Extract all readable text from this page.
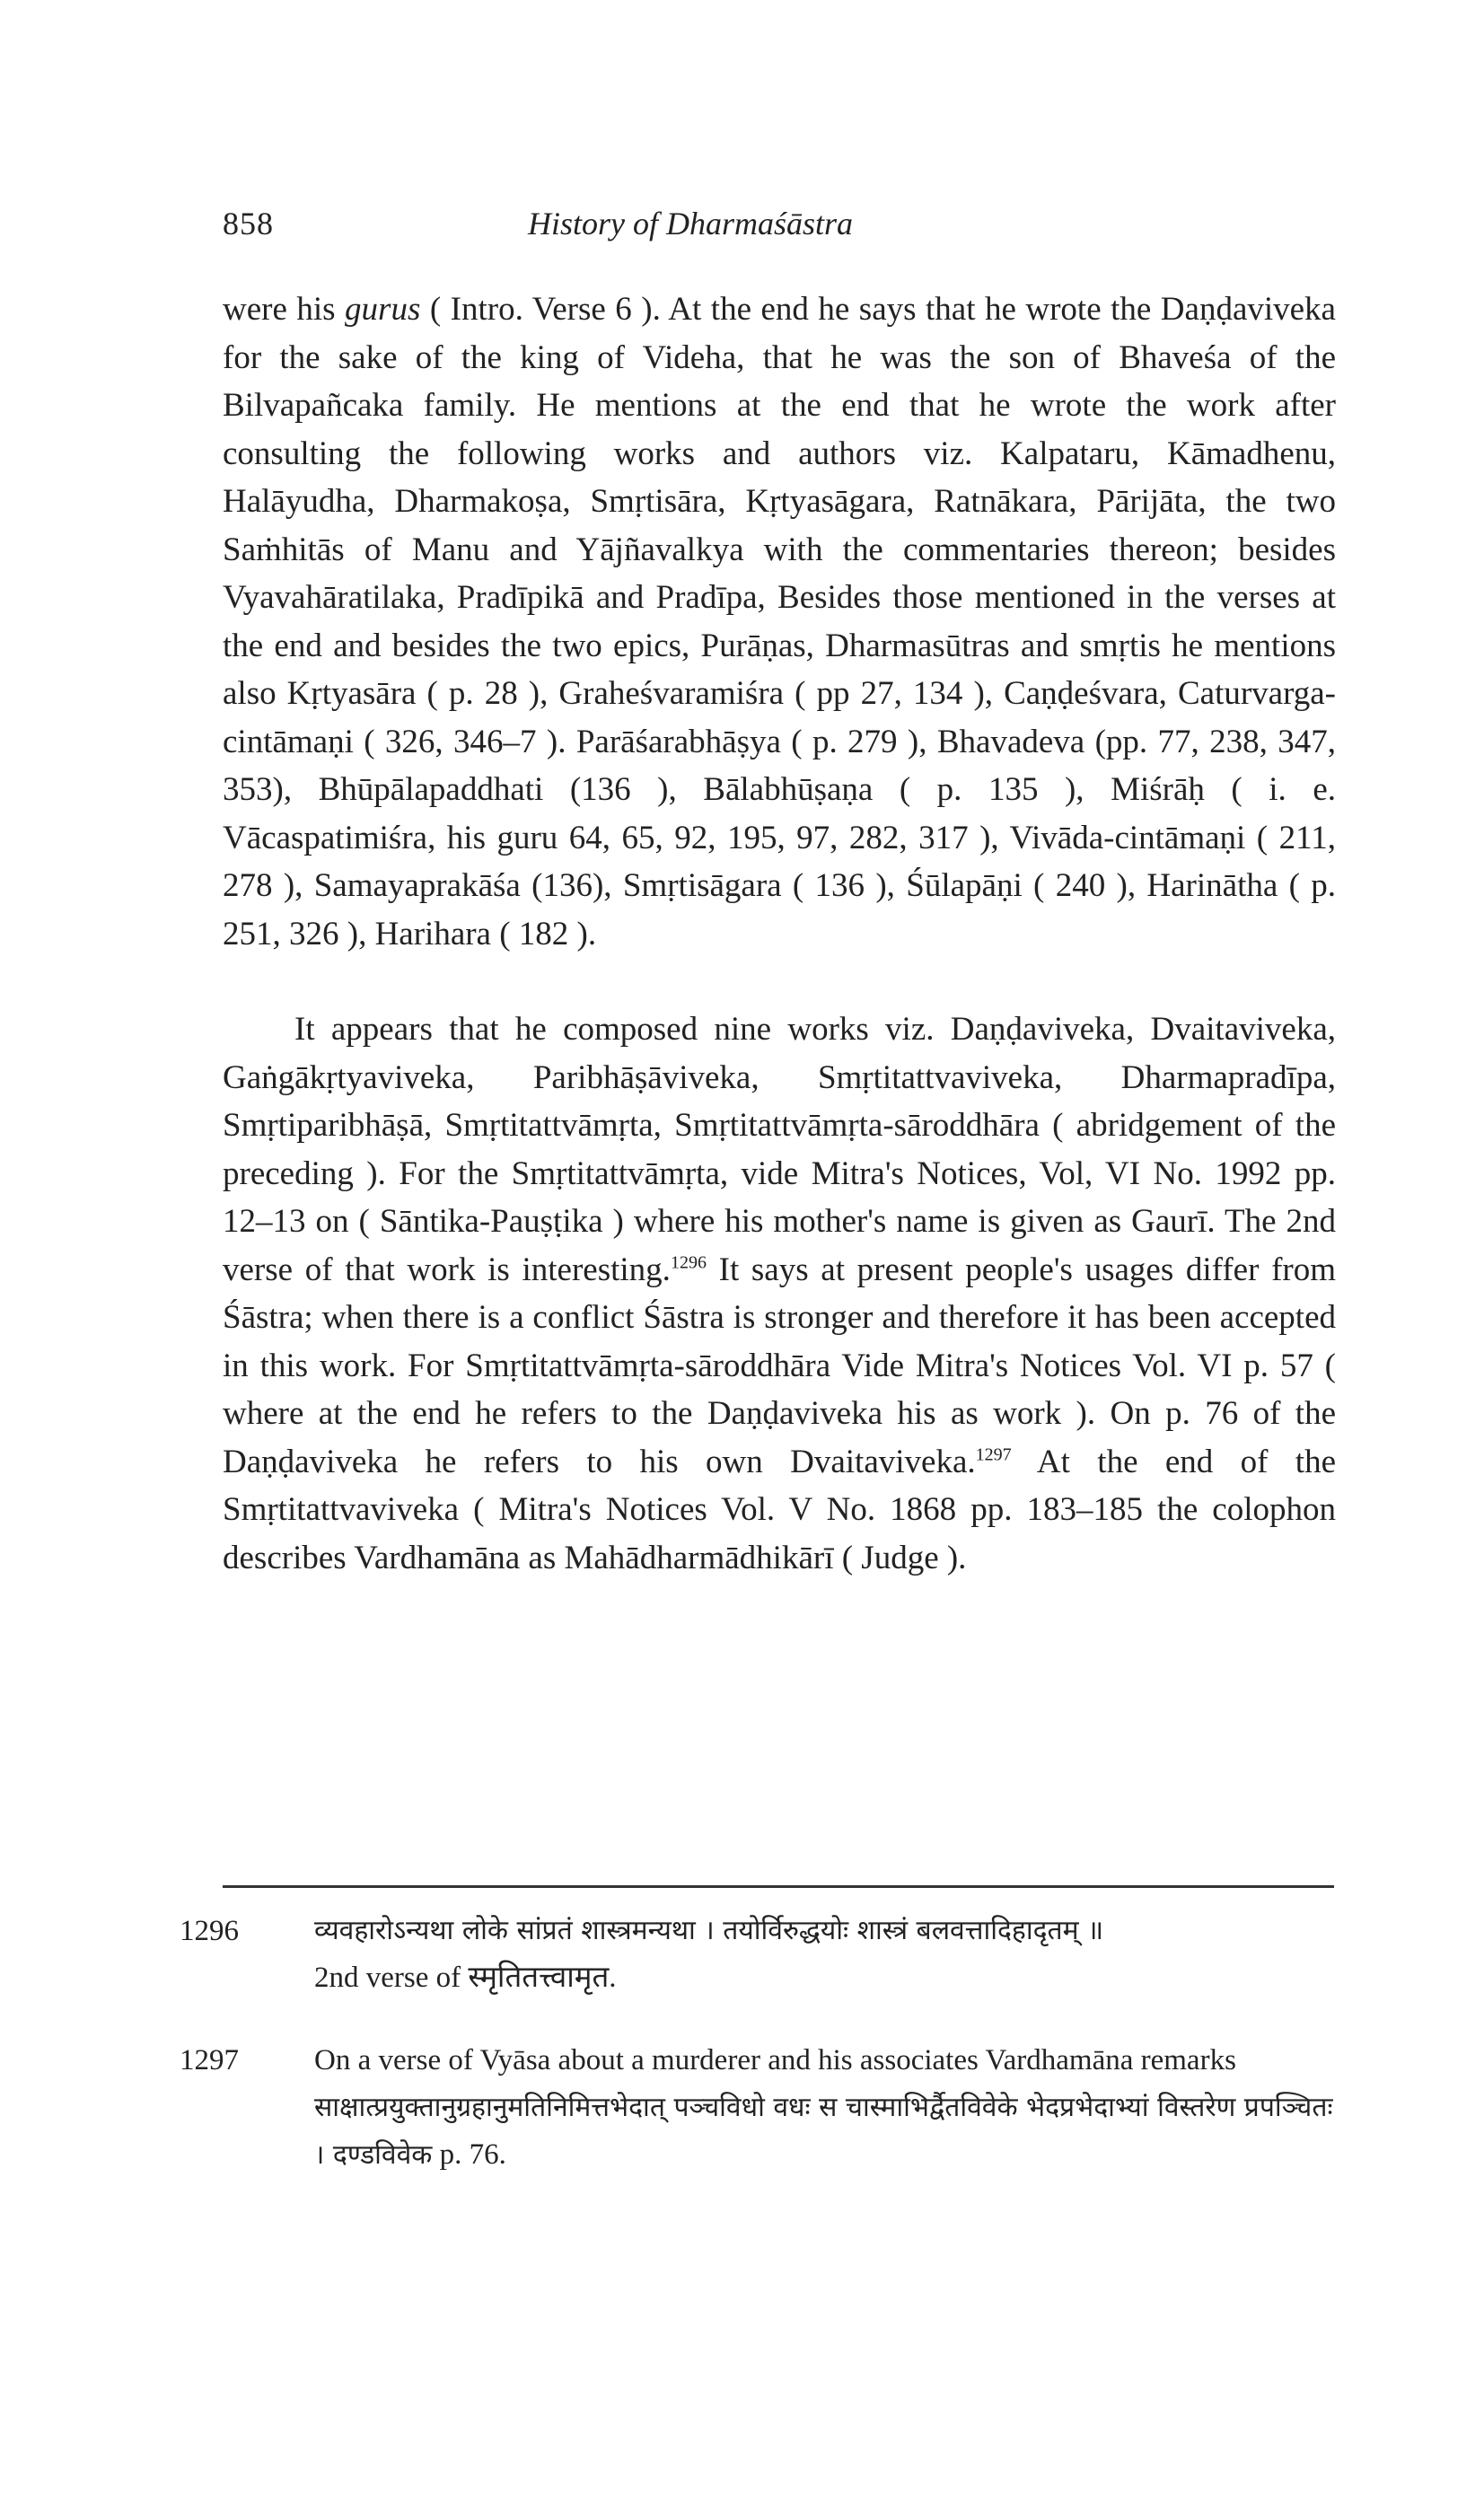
858	History of Dharmaśāstra

were his gurus ( Intro. Verse 6 ). At the end he says that he wrote the Daṇḍaviveka for the sake of the king of Videha, that he was the son of Bhaveśa of the Bilvapañcaka family. He mentions at the end that he wrote the work after consulting the following works and authors viz. Kalpataru, Kāmadhenu, Halāyudha, Dharmakoṣa, Smṛtisāra, Kṛtyasāgara, Ratnākara, Pārijāta, the two Saṁhitās of Manu and Yājñavalkya with the commentaries thereon; besides Vyavahāratilaka, Pradīpikā and Pradīpa, Besides those mentioned in the verses at the end and besides the two epics, Purāṇas, Dharmasūtras and smṛtis he mentions also Kṛtyasāra ( p. 28 ), Graheśvaramiśra ( pp 27, 134 ), Caṇḍeśvara, Caturvarga-cintāmaṇi ( 326, 346–7 ). Parāśarabhāṣya ( p. 279 ), Bhavadeva (pp. 77, 238, 347, 353), Bhūpālapaddhati (136 ), Bālabhūṣaṇa ( p. 135 ), Miśrāḥ ( i. e. Vācaspatimiśra, his guru 64, 65, 92, 195, 97, 282, 317 ), Vivāda-cintāmaṇi ( 211, 278 ), Samayaprakāśa (136), Smṛtisāgara ( 136 ), Śūlapāṇi ( 240 ), Harinātha ( p. 251, 326 ), Harihara ( 182 ).

It appears that he composed nine works viz. Daṇḍaviveka, Dvaitaviveka, Gaṅgākṛtyaviveka, Paribhāṣāviveka, Smṛtitattvaviveka, Dharmapradīpa, Smṛtiparibhāṣā, Smṛtitattvāmṛta, Smṛtitattvāmṛta-sāroddhāra ( abridgement of the preceding ). For the Smṛtitattvāmṛta, vide Mitra's Notices, Vol, VI No. 1992 pp. 12–13 on ( Sāntika-Pauṣṭika ) where his mother's name is given as Gaurī. The 2nd verse of that work is interesting.$^{1296}$ It says at present people's usages differ from Śāstra; when there is a conflict Śāstra is stronger and therefore it has been accepted in this work. For Smṛtitattvāmṛta-sāroddhāra Vide Mitra's Notices Vol. VI p. 57 ( where at the end he refers to the Daṇḍaviveka his as work ). On p. 76 of the Daṇḍaviveka he refers to his own Dvaitaviveka.$^{1297}$ At the end of the Smṛtitattvaviveka ( Mitra's Notices Vol. V No. 1868 pp. 183–185 the colophon describes Vardhamāna as Mahādharmādhikārī ( Judge ).

1296	व्यवहारोऽन्यथा लोके सांप्रतं शास्त्रमन्यथा । तयोर्विरुद्धयोः शास्त्रं बलवत्तादिहादृतम् ॥
2nd verse of स्मृतितत्त्वामृत.
1297	On a verse of Vyāsa about a murderer and his associates Vardhamāna remarks साक्षात्प्रयुक्तानुग्रहानुमतिनिमित्तभेदात् पञ्चविधो वधः स चास्माभिर्द्वैतविवेके भेदप्रभेदाभ्यां विस्तरेण प्रपञ्चितः । दण्डविवेक p. 76.
